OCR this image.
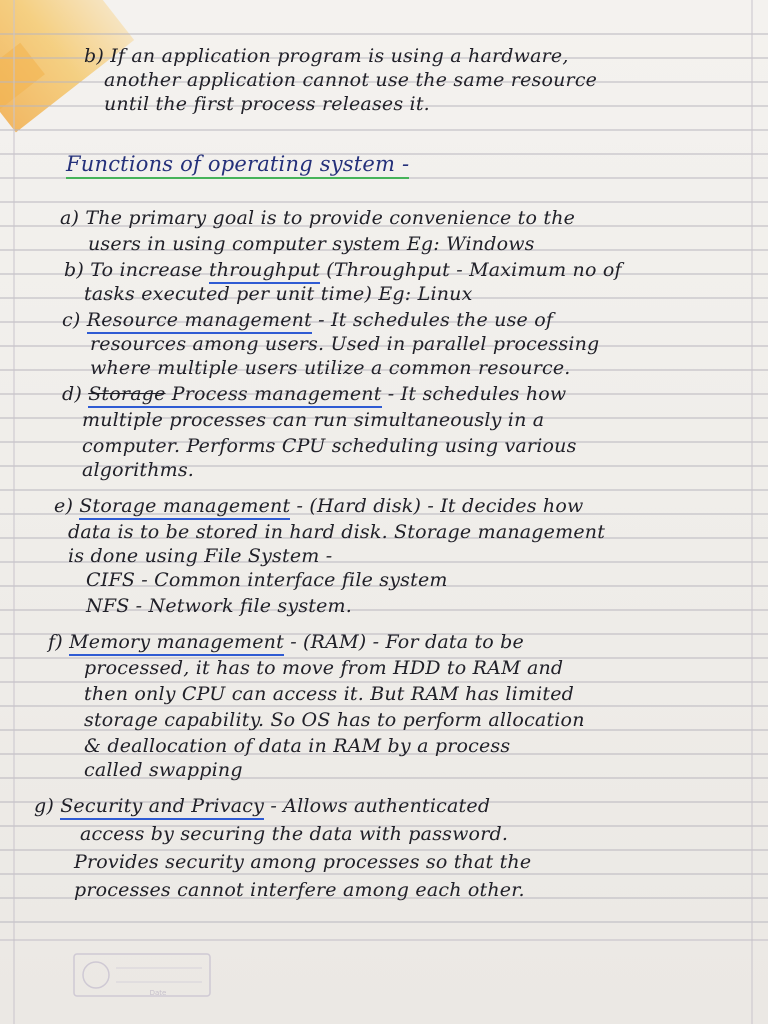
b) If an application program is using a hardware,
another application cannot use the same resource
until the first process releases it.
Functions of operating system -
a) The primary goal is to provide convenience to the
users in using computer system Eg: Windows
b) To increase throughput (Throughput - Maximum no of
tasks executed per unit time) Eg: Linux
c) Resource management - It schedules the use of
resources among users. Used in parallel processing
where multiple users utilize a common resource.
d) Storage Process management - It schedules how
multiple processes can run simultaneously in a
computer. Performs CPU scheduling using various
algorithms.
e) Storage management - (Hard disk) - It decides how
data is to be stored in hard disk. Storage management
is done using File System -
CIFS - Common interface file system
NFS - Network file system.
f) Memory management - (RAM) - For data to be
processed, it has to move from HDD to RAM and
then only CPU can access it. But RAM has limited
storage capability. So OS has to perform allocation
& deallocation of data in RAM by a process
called swapping
g) Security and Privacy - Allows authenticated
access by securing the data with password.
Provides security among processes so that the
processes cannot interfere among each other.
Date
